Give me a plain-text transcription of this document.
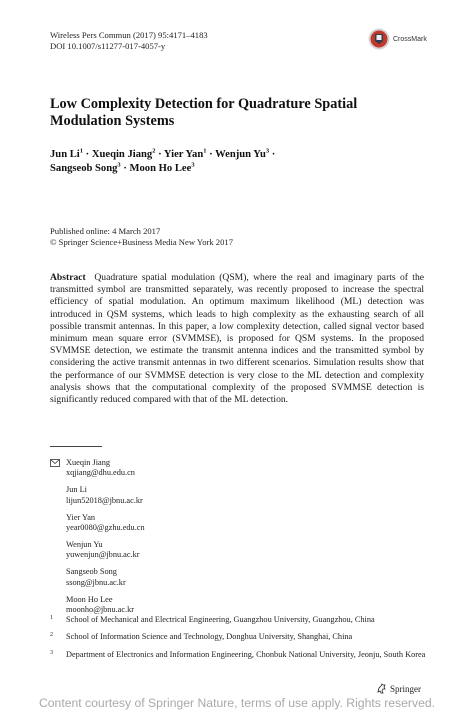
Wireless Pers Commun (2017) 95:4171–4183
DOI 10.1007/s11277-017-4057-y
CrossMark
Low Complexity Detection for Quadrature Spatial
Modulation Systems
Jun $Li^1$ · Xueqin Jiang$^2$ · Yier Yan$^1$ · Wenjun $Yu^3$ ·
Sangseob Song$^3$ · Moon Ho Lee$^3$
Published online: 4 March 2017
© Springer Science+Business Media New York 2017
Abstract Quadrature spatial modulation (QSM), where the real and imaginary parts of the transmitted symbol are transmitted separately, was recently proposed to increase the spectral efficiency of spatial modulation. An optimum maximum likelihood (ML) detection was introduced in QSM systems, which leads to high complexity as the exhausting search of all possible transmit antennas. In this paper, a low complexity detection, called signal vector based minimum mean square error (SVMMSE), is proposed for QSM systems. In the proposed SVMMSE detection, we estimate the transmit antenna indices and the transmitted symbol by considering the active transmit antennas in two different scenarios. Simulation results show that the performance of our SVMMSE detection is very close to the ML detection and complexity analysis shows that the computational complexity of the proposed SVMMSE detection is significantly reduced compared with that of the ML detection.
Xueqin Jiang
xqjiang@dhu.edu.cn
Jun Li
lijun52018@jbnu.ac.kr
Yier Yan
year0080@gzhu.edu.cn
Wenjun Yu
yuwenjun@jbnu.ac.kr
Sangseob Song
ssong@jbnu.ac.kr
Moon Ho Lee
moonho@jbnu.ac.kr
1 School of Mechanical and Electrical Engineering, Guangzhou University, Guangzhou, China
2 School of Information Science and Technology, Donghua University, Shanghai, China
3 Department of Electronics and Information Engineering, Chonbuk National University, Jeonju, South Korea
Springer
Content courtesy of Springer Nature, terms of use apply. Rights reserved.
